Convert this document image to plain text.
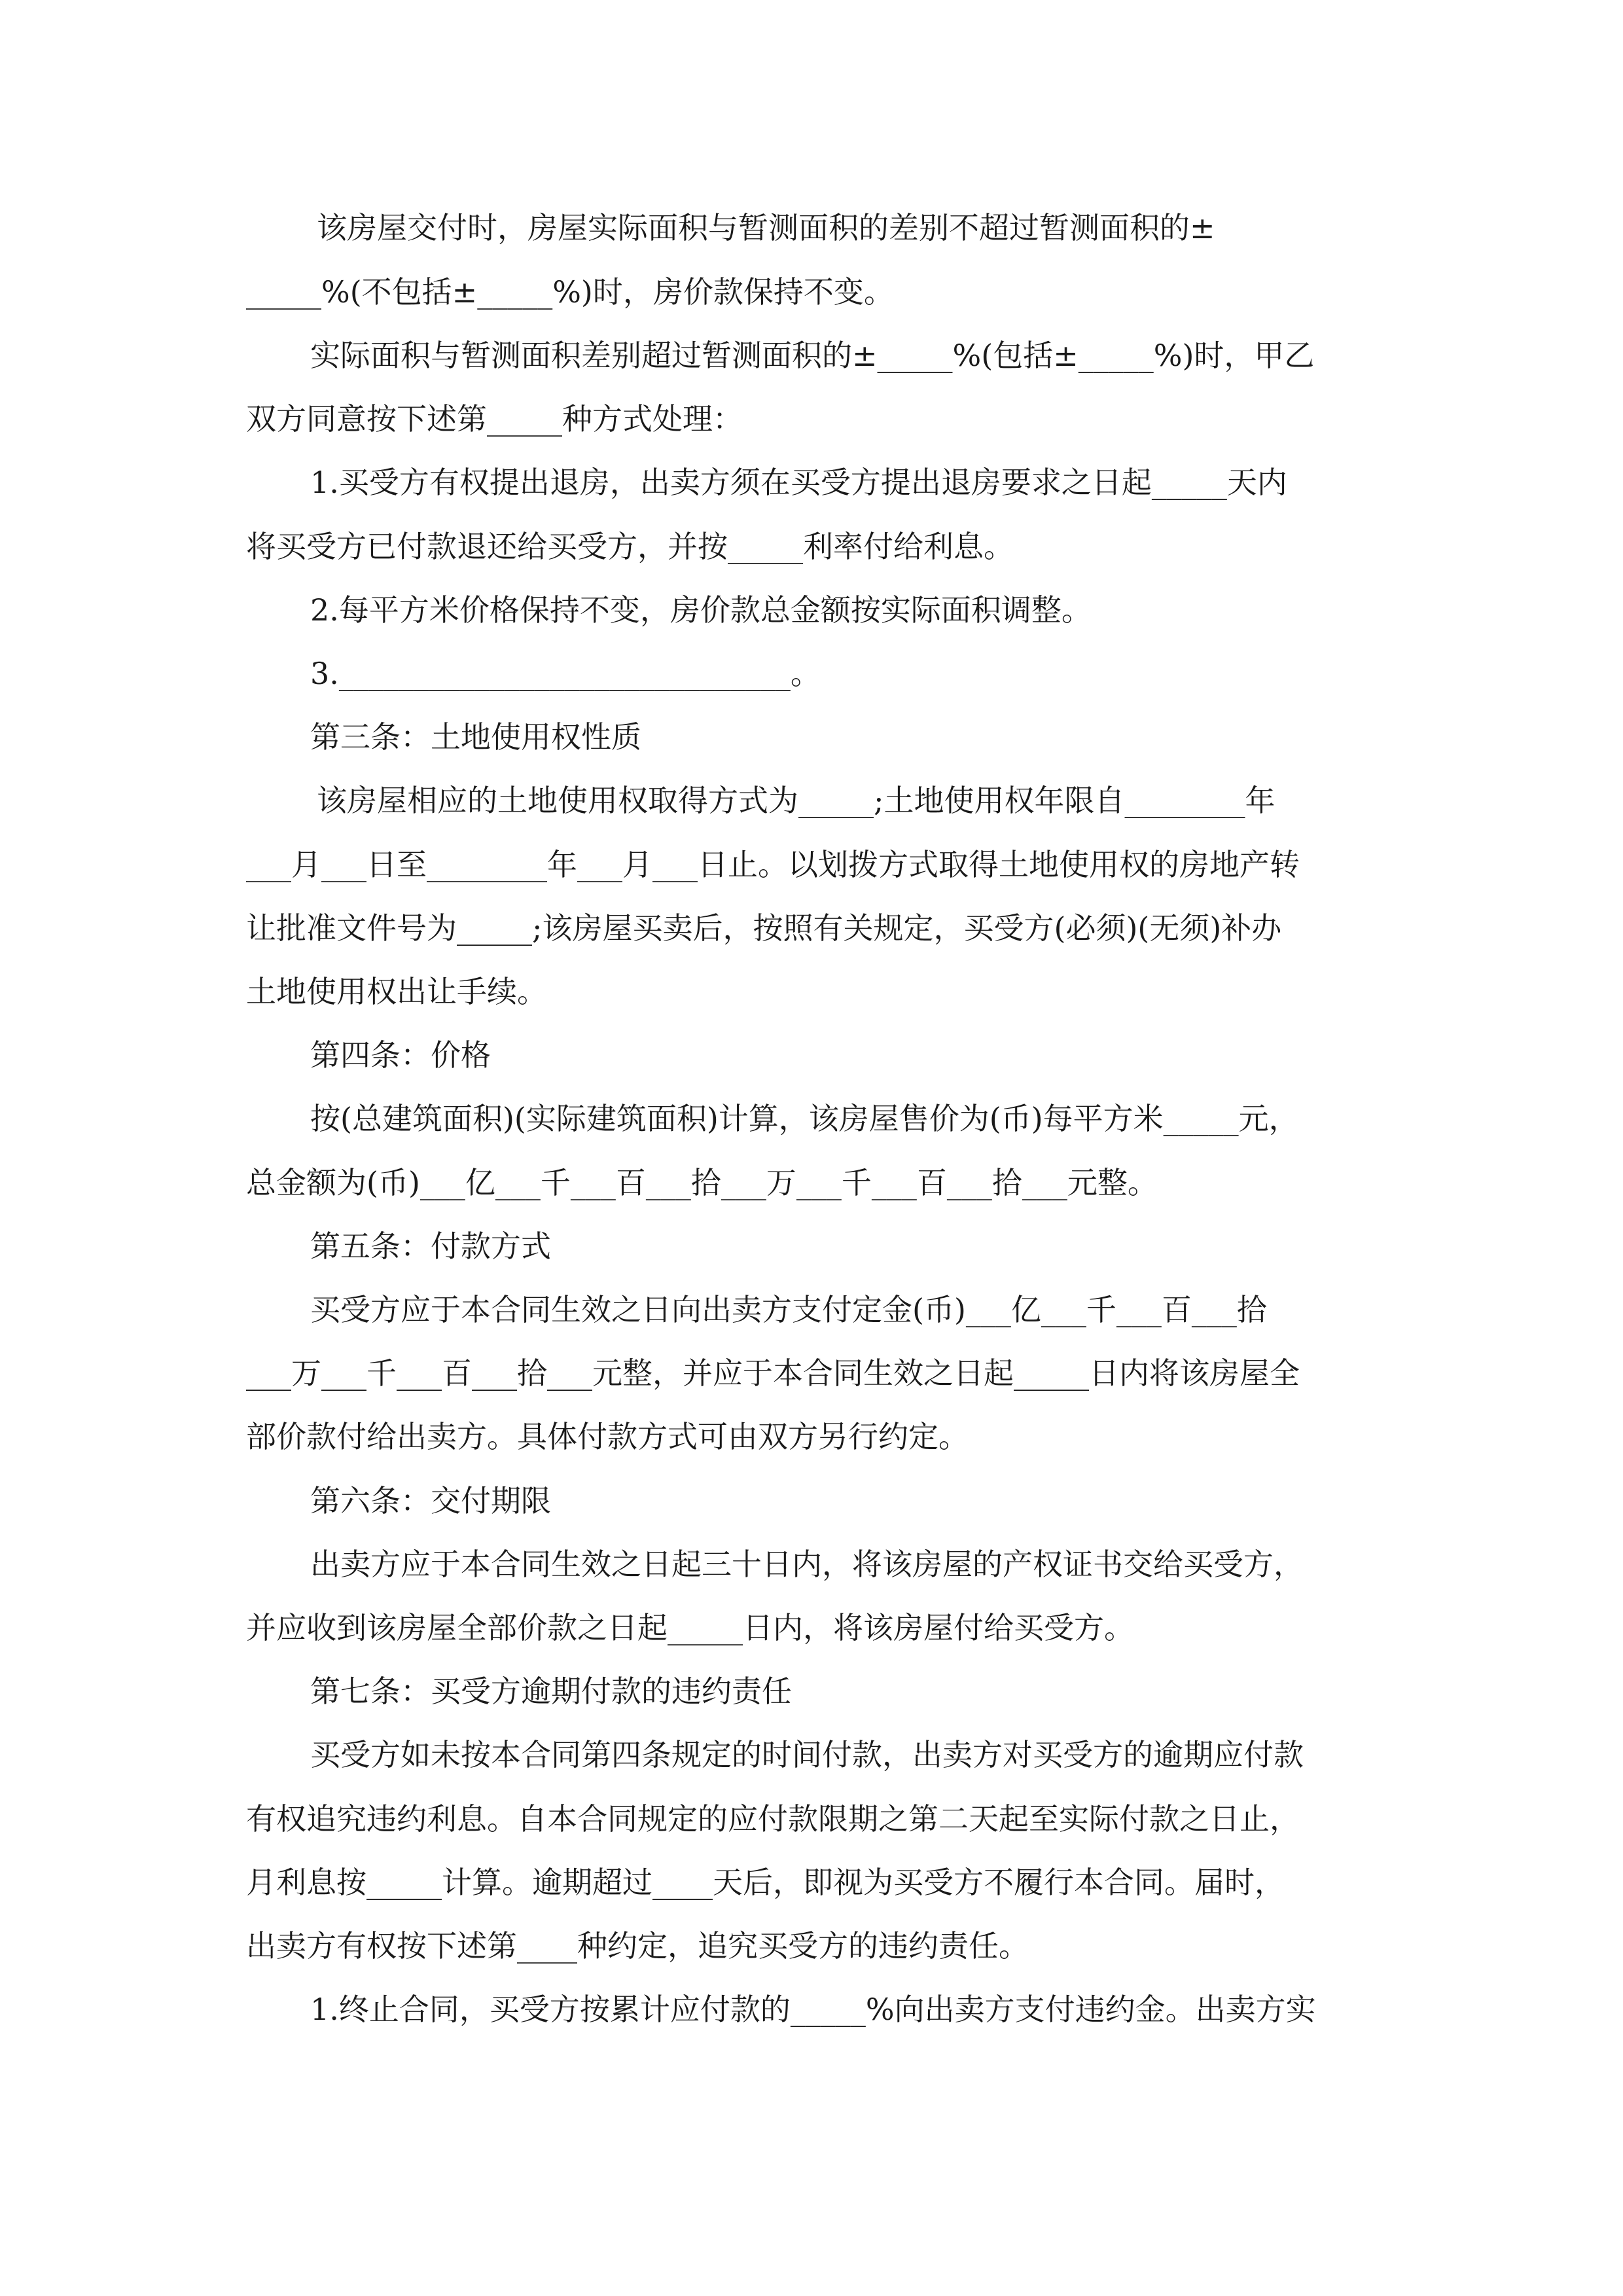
该房屋交付时，房屋实际面积与暂测面积的差别不超过暂测面积的±
_____%(不包括±_____%)时，房价款保持不变。
实际面积与暂测面积差别超过暂测面积的±_____%(包括±_____%)时，甲乙
双方同意按下述第_____种方式处理：
1.买受方有权提出退房，出卖方须在买受方提出退房要求之日起_____天内
将买受方已付款退还给买受方，并按_____利率付给利息。
2.每平方米价格保持不变，房价款总金额按实际面积调整。
3.______________________________。
第三条：土地使用权性质
该房屋相应的土地使用权取得方式为_____;土地使用权年限自________年
___月___日至________年___月___日止。以划拨方式取得土地使用权的房地产转
让批准文件号为_____;该房屋买卖后，按照有关规定，买受方(必须)(无须)补办
土地使用权出让手续。
第四条：价格
按(总建筑面积)(实际建筑面积)计算，该房屋售价为(币)每平方米_____元，
总金额为(币)___亿___千___百___拾___万___千___百___拾___元整。
第五条：付款方式
买受方应于本合同生效之日向出卖方支付定金(币)___亿___千___百___拾
___万___千___百___拾___元整，并应于本合同生效之日起_____日内将该房屋全
部价款付给出卖方。具体付款方式可由双方另行约定。
第六条：交付期限
出卖方应于本合同生效之日起三十日内，将该房屋的产权证书交给买受方，
并应收到该房屋全部价款之日起_____日内，将该房屋付给买受方。
第七条：买受方逾期付款的违约责任
买受方如未按本合同第四条规定的时间付款，出卖方对买受方的逾期应付款
有权追究违约利息。自本合同规定的应付款限期之第二天起至实际付款之日止，
月利息按_____计算。逾期超过____天后，即视为买受方不履行本合同。届时，
出卖方有权按下述第____种约定，追究买受方的违约责任。
1.终止合同，买受方按累计应付款的_____%向出卖方支付违约金。出卖方实
